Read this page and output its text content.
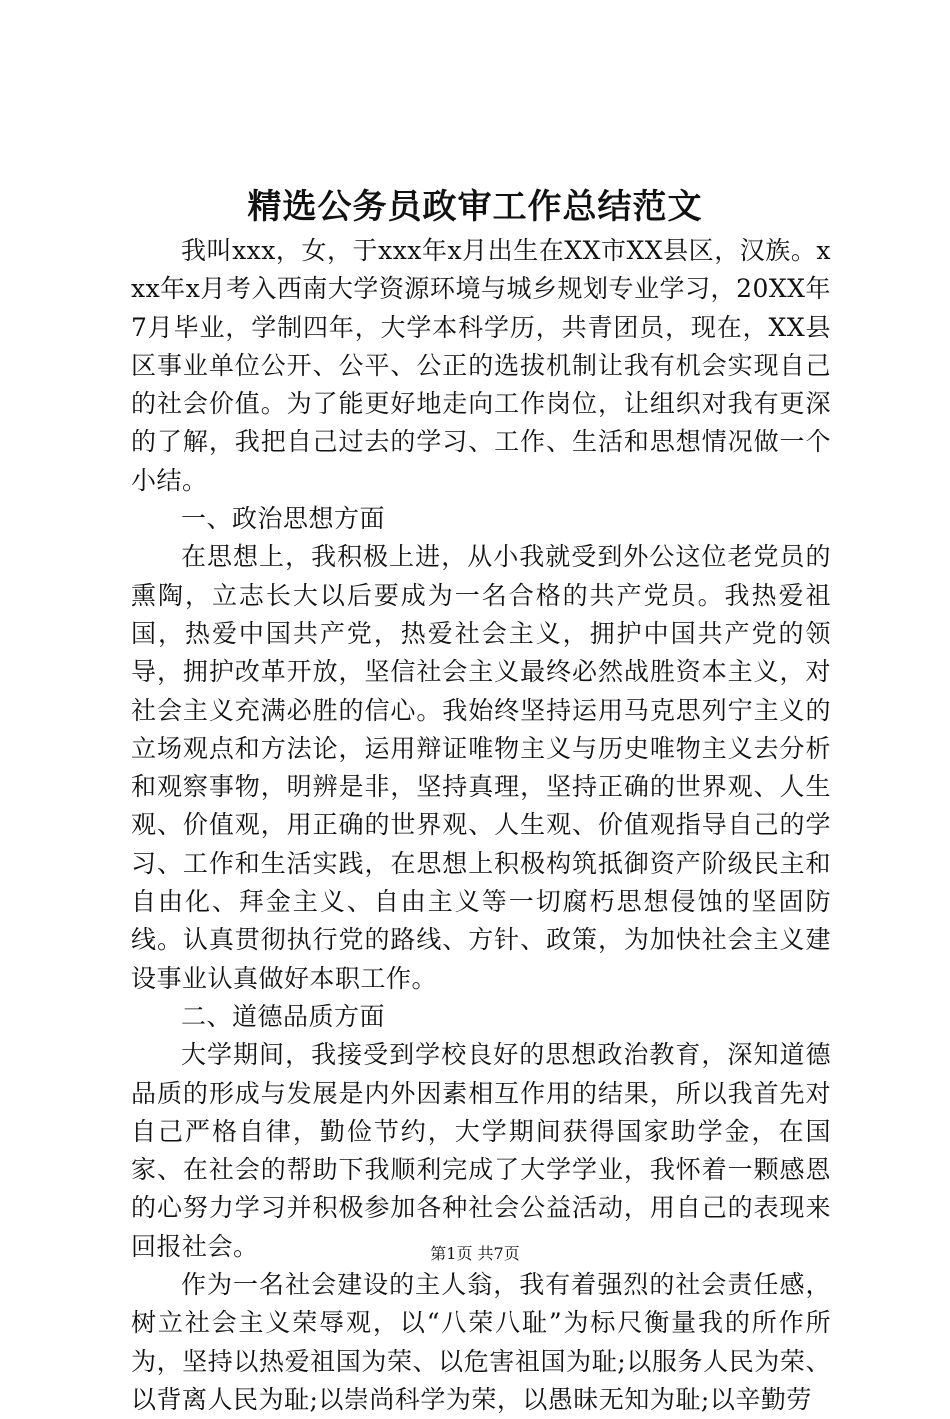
精选公务员政审工作总结范文

我叫xxx，女，于xxx年x月出生在XX市XX县区，汉族。xxx年x月考入西南大学资源环境与城乡规划专业学习，20XX年7月毕业，学制四年，大学本科学历，共青团员，现在，XX县区事业单位公开、公平、公正的选拔机制让我有机会实现自己的社会价值。为了能更好地走向工作岗位，让组织对我有更深的了解，我把自己过去的学习、工作、生活和思想情况做一个小结。

一、政治思想方面

在思想上，我积极上进，从小我就受到外公这位老党员的熏陶，立志长大以后要成为一名合格的共产党员。我热爱祖国，热爱中国共产党，热爱社会主义，拥护中国共产党的领导，拥护改革开放，坚信社会主义最终必然战胜资本主义，对社会主义充满必胜的信心。我始终坚持运用马克思列宁主义的立场观点和方法论，运用辩证唯物主义与历史唯物主义去分析和观察事物，明辨是非，坚持真理，坚持正确的世界观、人生观、价值观，用正确的世界观、人生观、价值观指导自己的学习、工作和生活实践，在思想上积极构筑抵御资产阶级民主和自由化、拜金主义、自由主义等一切腐朽思想侵蚀的坚固防线。认真贯彻执行党的路线、方针、政策，为加快社会主义建设事业认真做好本职工作。

二、道德品质方面

大学期间，我接受到学校良好的思想政治教育，深知道德品质的形成与发展是内外因素相互作用的结果，所以我首先对自己严格自律，勤俭节约，大学期间获得国家助学金，在国家、在社会的帮助下我顺利完成了大学学业，我怀着一颗感恩的心努力学习并积极参加各种社会公益活动，用自己的表现来回报社会。

作为一名社会建设的主人翁，我有着强烈的社会责任感，树立社会主义荣辱观，以“八荣八耻”为标尺衡量我的所作所为，坚持以热爱祖国为荣、以危害祖国为耻;以服务人民为荣、以背离人民为耻;以崇尚科学为荣，以愚昧无知为耻;以辛勤劳

第1页 共7页
